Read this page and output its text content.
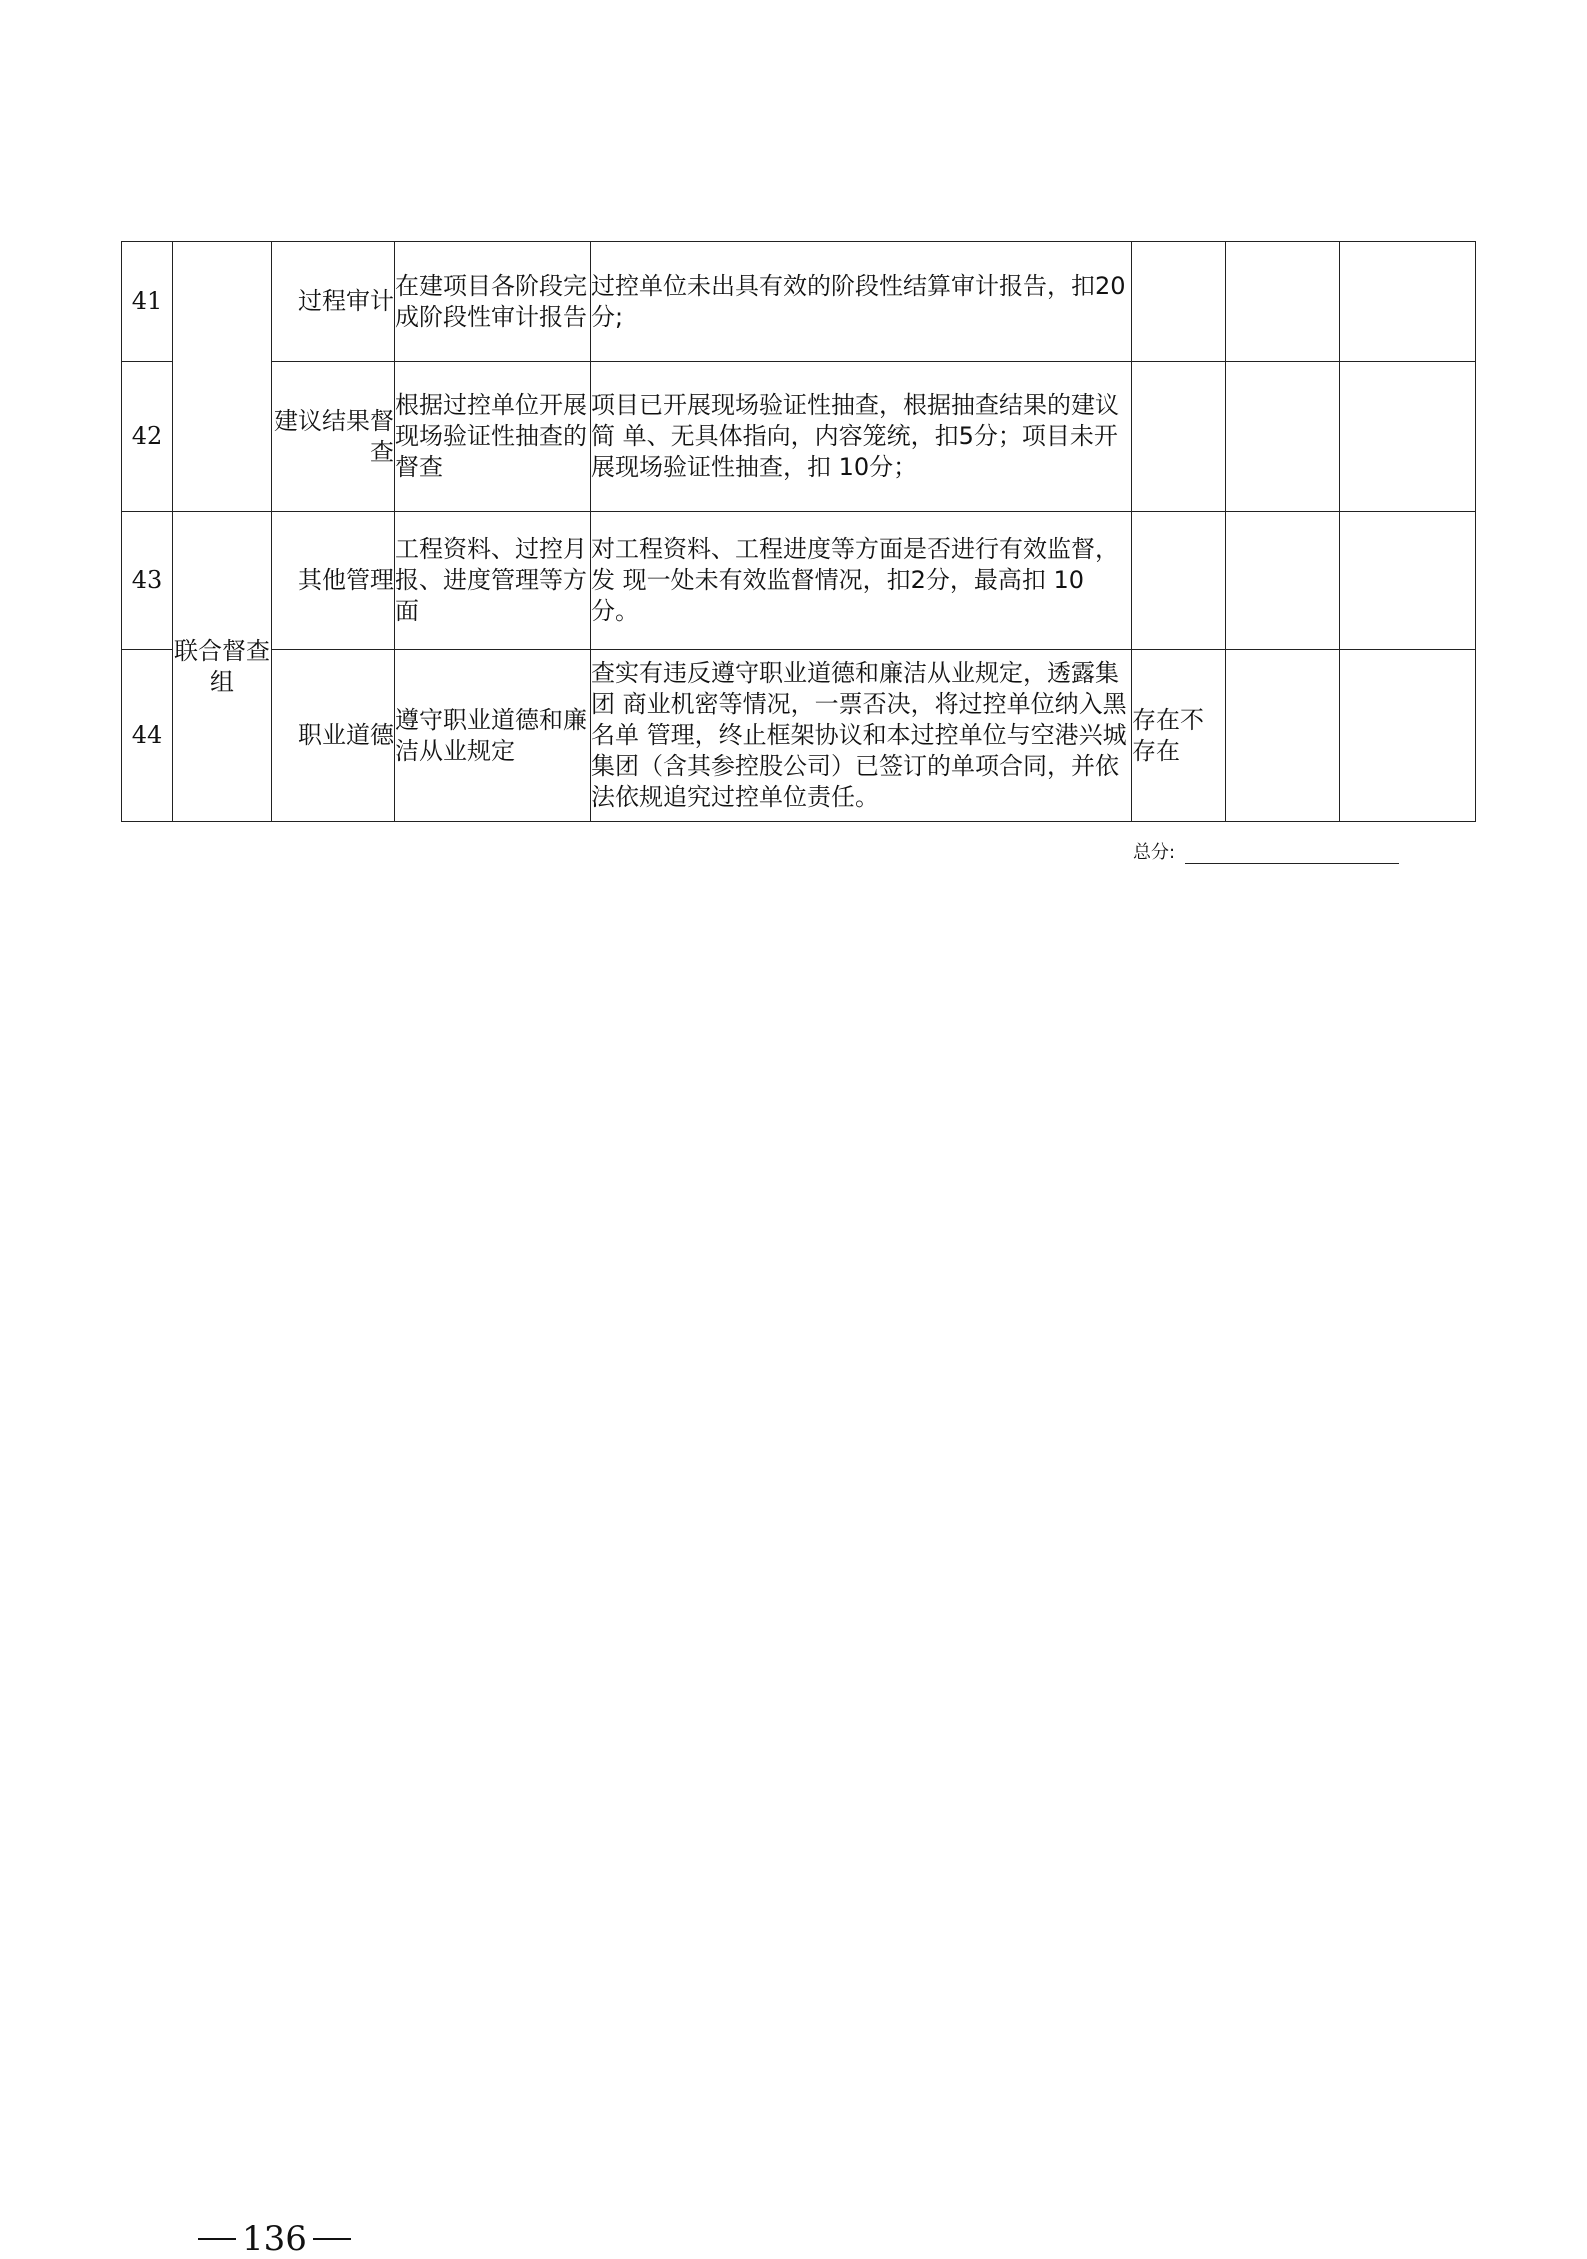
41		过程审计	在建项目各阶段完 成阶段性审计报告	过控单位未出具有效的阶段性结算审计报告，扣20 分;			
42		建议结果督 查	根据过控单位开展 现场验证性抽查的 督查	项目已开展现场验证性抽查，根据抽查结果的建议简 单、无具体指向，内容笼统，扣5分；项目未开展现场验证性抽查，扣 10分；			
43	联合督查组	其他管理	工程资料、过控月 报、进度管理等方 面	对工程资料、工程进度等方面是否进行有效监督，发 现一处未有效监督情况，扣2分，最高扣 10分。			
44		职业道德	遵守职业道德和廉 洁从业规定	查实有违反遵守职业道德和廉洁从业规定，透露集团 商业机密等情况，一票否决，将过控单位纳入黑名单 管理，终止框架协议和本过控单位与空港兴城集团（含其参控股公司）已签订的单项合同，并依法依规追究过控单位责任。	存在不存在		
总分:
136
